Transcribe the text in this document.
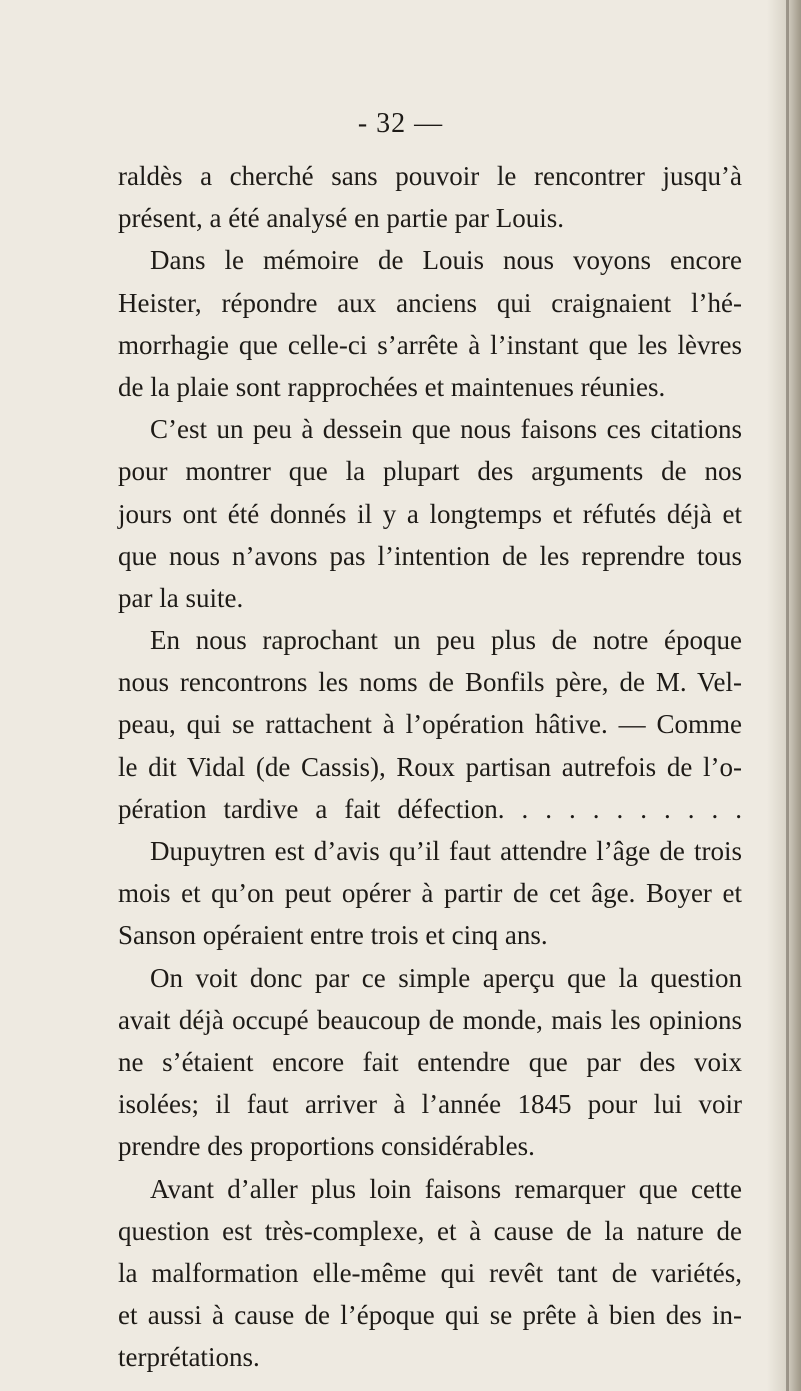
- 32 —
raldès a cherché sans pouvoir le rencontrer jusqu’à
présent, a été analysé en partie par Louis.
Dans le mémoire de Louis nous voyons encore
Heister, répondre aux anciens qui craignaient l’hé-
morrhagie que celle-ci s’arrête à l’instant que les lèvres
de la plaie sont rapprochées et maintenues réunies.
C’est un peu à dessein que nous faisons ces citations
pour montrer que la plupart des arguments de nos
jours ont été donnés il y a longtemps et réfutés déjà et
que nous n’avons pas l’intention de les reprendre tous
par la suite.
En nous raprochant un peu plus de notre époque
nous rencontrons les noms de Bonfils père, de M. Vel-
peau, qui se rattachent à l’opération hâtive. — Comme
le dit Vidal (de Cassis), Roux partisan autrefois de l’o-
pération tardive a fait défection. . . . . . . . . . .
Dupuytren est d’avis qu’il faut attendre l’âge de trois
mois et qu’on peut opérer à partir de cet âge. Boyer et
Sanson opéraient entre trois et cinq ans.
On voit donc par ce simple aperçu que la question
avait déjà occupé beaucoup de monde, mais les opinions
ne s’étaient encore fait entendre que par des voix
isolées; il faut arriver à l’année 1845 pour lui voir
prendre des proportions considérables.
Avant d’aller plus loin faisons remarquer que cette
question est très-complexe, et à cause de la nature de
la malformation elle-même qui revêt tant de variétés,
et aussi à cause de l’époque qui se prête à bien des in-
terprétations.
